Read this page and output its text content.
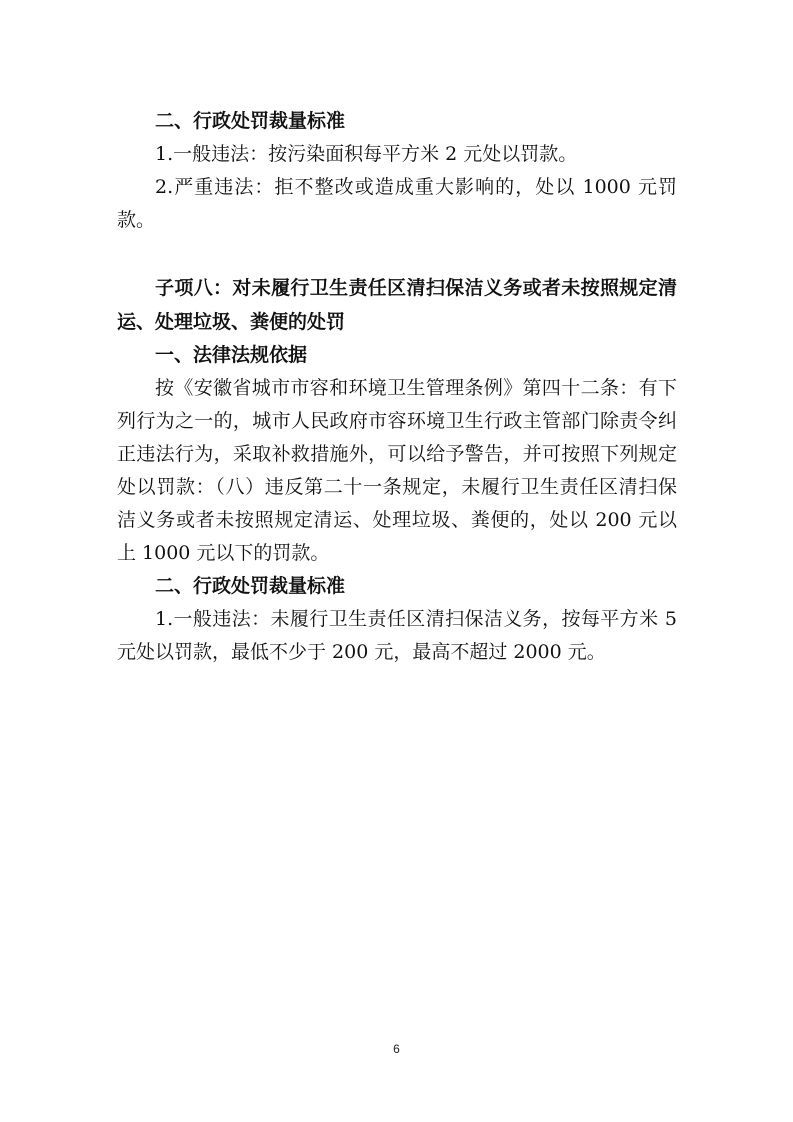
二、行政处罚裁量标准

1.一般违法：按污染面积每平方米 2 元处以罚款。

2.严重违法：拒不整改或造成重大影响的，处以 1000 元罚款。

子项八：对未履行卫生责任区清扫保洁义务或者未按照规定清运、处理垃圾、粪便的处罚

一、法律法规依据

按《安徽省城市市容和环境卫生管理条例》第四十二条：有下列行为之一的，城市人民政府市容环境卫生行政主管部门除责令纠正违法行为，采取补救措施外，可以给予警告，并可按照下列规定处以罚款：（八）违反第二十一条规定，未履行卫生责任区清扫保洁义务或者未按照规定清运、处理垃圾、粪便的，处以 200 元以上 1000 元以下的罚款。

二、行政处罚裁量标准

1.一般违法：未履行卫生责任区清扫保洁义务，按每平方米 5 元处以罚款，最低不少于 200 元，最高不超过 2000 元。

6
